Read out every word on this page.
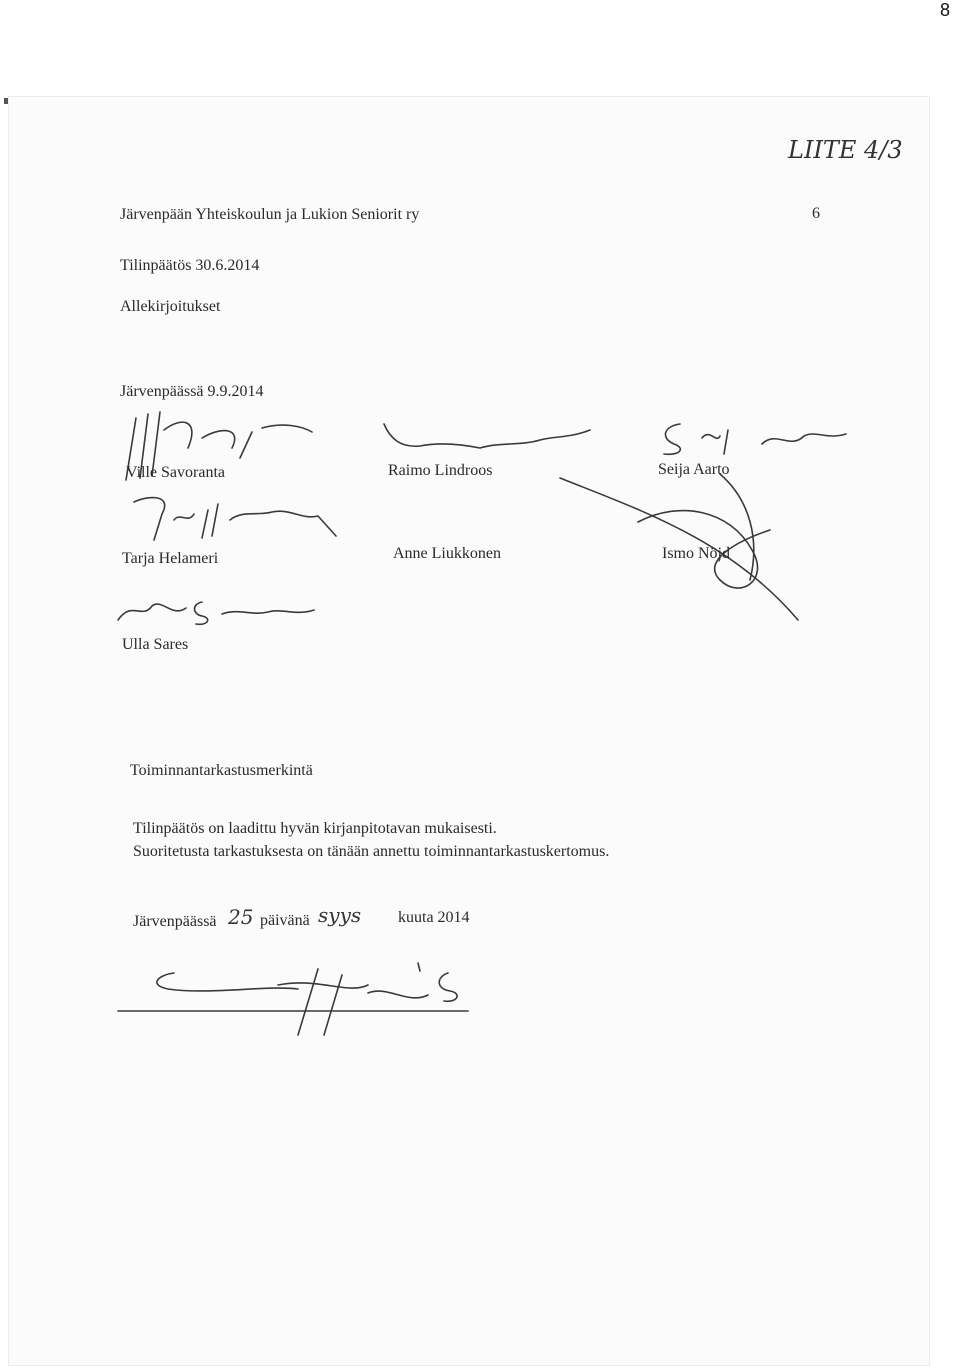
8
LIITE 4/3
Järvenpään Yhteiskoulun ja Lukion Seniorit ry	6
Tilinpäätös 30.6.2014
Allekirjoitukset
Järvenpäässä 9.9.2014
Ville Savoranta	Raimo Lindroos	Seija Aarto
Tarja Helameri	Anne Liukkonen	Ismo Nöjd
Ulla Sares
Toiminnantarkastusmerkintä
Tilinpäätös on laadittu hyvän kirjanpitotavan mukaisesti.
Suoritetusta tarkastuksesta on tänään annettu toiminnantarkastuskertomus.
Järvenpäässä 25 päivänä syys kuuta 2014
